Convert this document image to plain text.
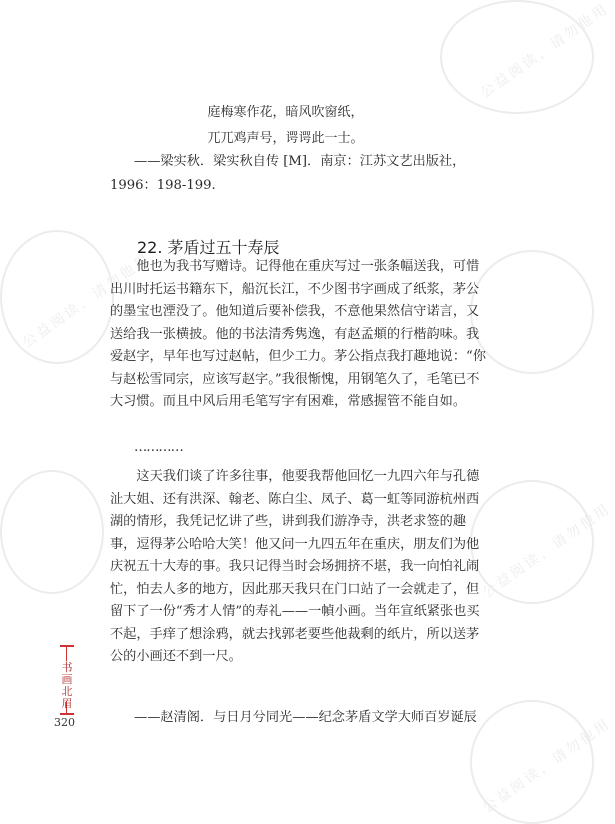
公益阅读，请勿他用
公益阅读，请勿他用
公益阅读，请勿他用
公益阅读，请勿他用
庭梅寒作花，暗风吹窗纸，
兀兀鸡声号，谔谔此一士。
——梁实秋．梁实秋自传 [M]．南京：江苏文艺出版社，
1996：198-199.
22. 茅盾过五十寿辰
他也为我书写赠诗。记得他在重庆写过一张条幅送我，可惜出川时托运书籍东下，船沉长江，不少图书字画成了纸浆，茅公的墨宝也湮没了。他知道后要补偿我，不意他果然信守诺言，又送给我一张横披。他的书法清秀隽逸，有赵孟頫的行楷韵味。我爱赵字，早年也写过赵帖，但少工力。茅公指点我打趣地说：“你与赵松雪同宗，应该写赵字。”我很惭愧，用钢笔久了，毛笔已不大习惯。而且中风后用毛笔写字有困难，常感握管不能自如。
…………
这天我们谈了许多往事，他要我帮他回忆一九四六年与孔德沚大姐、还有洪深、翰老、陈白尘、凤子、葛一虹等同游杭州西湖的情形，我凭记忆讲了些，讲到我们游净寺，洪老求签的趣事，逗得茅公哈哈大笑！他又问一九四五年在重庆，朋友们为他庆祝五十大寿的事。我只记得当时会场拥挤不堪，我一向怕礼闹忙，怕去人多的地方，因此那天我只在门口站了一会就走了，但留下了一份“秀才人情”的寿礼——一幀小画。当年宣纸紧张也买不起，手痒了想涂鸦，就去找郭老要些他裁剩的纸片，所以送茅公的小画还不到一尺。
——赵清阁．与日月兮同光——纪念茅盾文学大师百岁诞辰
书画北眉
320
